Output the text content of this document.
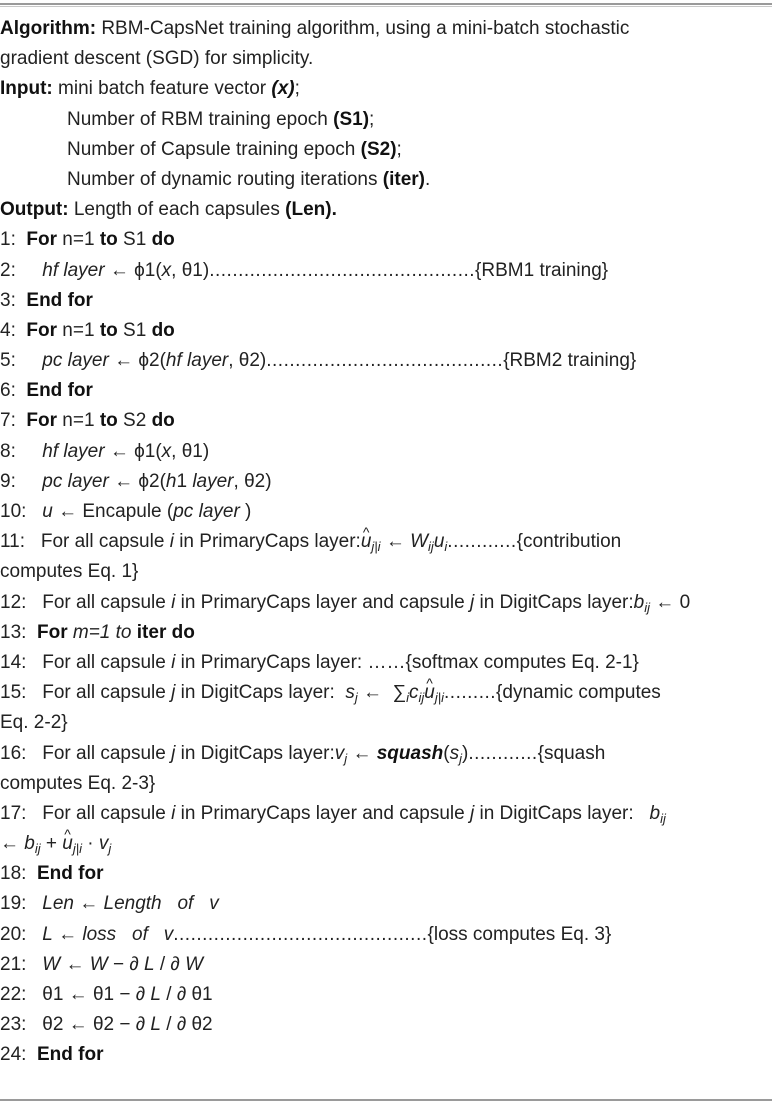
Algorithm: RBM-CapsNet training algorithm, using a mini-batch stochastic
gradient descent (SGD) for simplicity.
Input: mini batch feature vector (x);
Number of RBM training epoch (S1);
Number of Capsule training epoch (S2);
Number of dynamic routing iterations (iter).
Output: Length of each capsules (Len).
1:  For n=1 to S1 do
2:     hf layer ← ϕ1(x, θ1)..............................................{RBM1 training}
3:  End for
4:  For n=1 to S1 do
5:     pc layer ← ϕ2(hf layer, θ2).........................................{RBM2 training}
6:  End for
7:  For n=1 to S2 do
8:     hf layer ← ϕ1(x, θ1)
9:     pc layer ← ϕ2(h1 layer, θ2)
10:   u ← Encapule (pc layer )
11:   For all capsule i in PrimaryCaps layer:^ $u_{j|i}$ ← $W_{ij}u_i............\{contribution$
computes Eq. 1}
12:   For all capsule i in PrimaryCaps layer and capsule j in DigitCaps $layer:b_{ij}$ ← 0
13:  For m=1 to iter do
14:   For all capsule i in PrimaryCaps layer: ……{softmax computes Eq. 2-1}
15:   For all capsule j in DigitCaps layer:  $s_j$ ←  $\sum_ic_{ij}\^{}$ $u_{j|i}.........\{dynamic$ computes
Eq. 2-2}
16:   For all capsule j in DigitCaps $layer:v_j$ ← $squash(s_j)............\{squash$
computes Eq. 2-3}
17:   For all capsule i in PrimaryCaps layer and capsule j in DigitCaps layer:   $b_{ij}$
← $b_{ij}$ + ^ $u_{j|i} \cdot v_j$
18:  End for
19:   Len ← Length of v
20:   L ← loss of v............................................{loss computes Eq. 3}
21:   W ← W − ∂ L / ∂ W
22:   θ1 ← θ1 − ∂ L / ∂ θ1
23:   θ2 ← θ2 − ∂ L / ∂ θ2
24:  End for
